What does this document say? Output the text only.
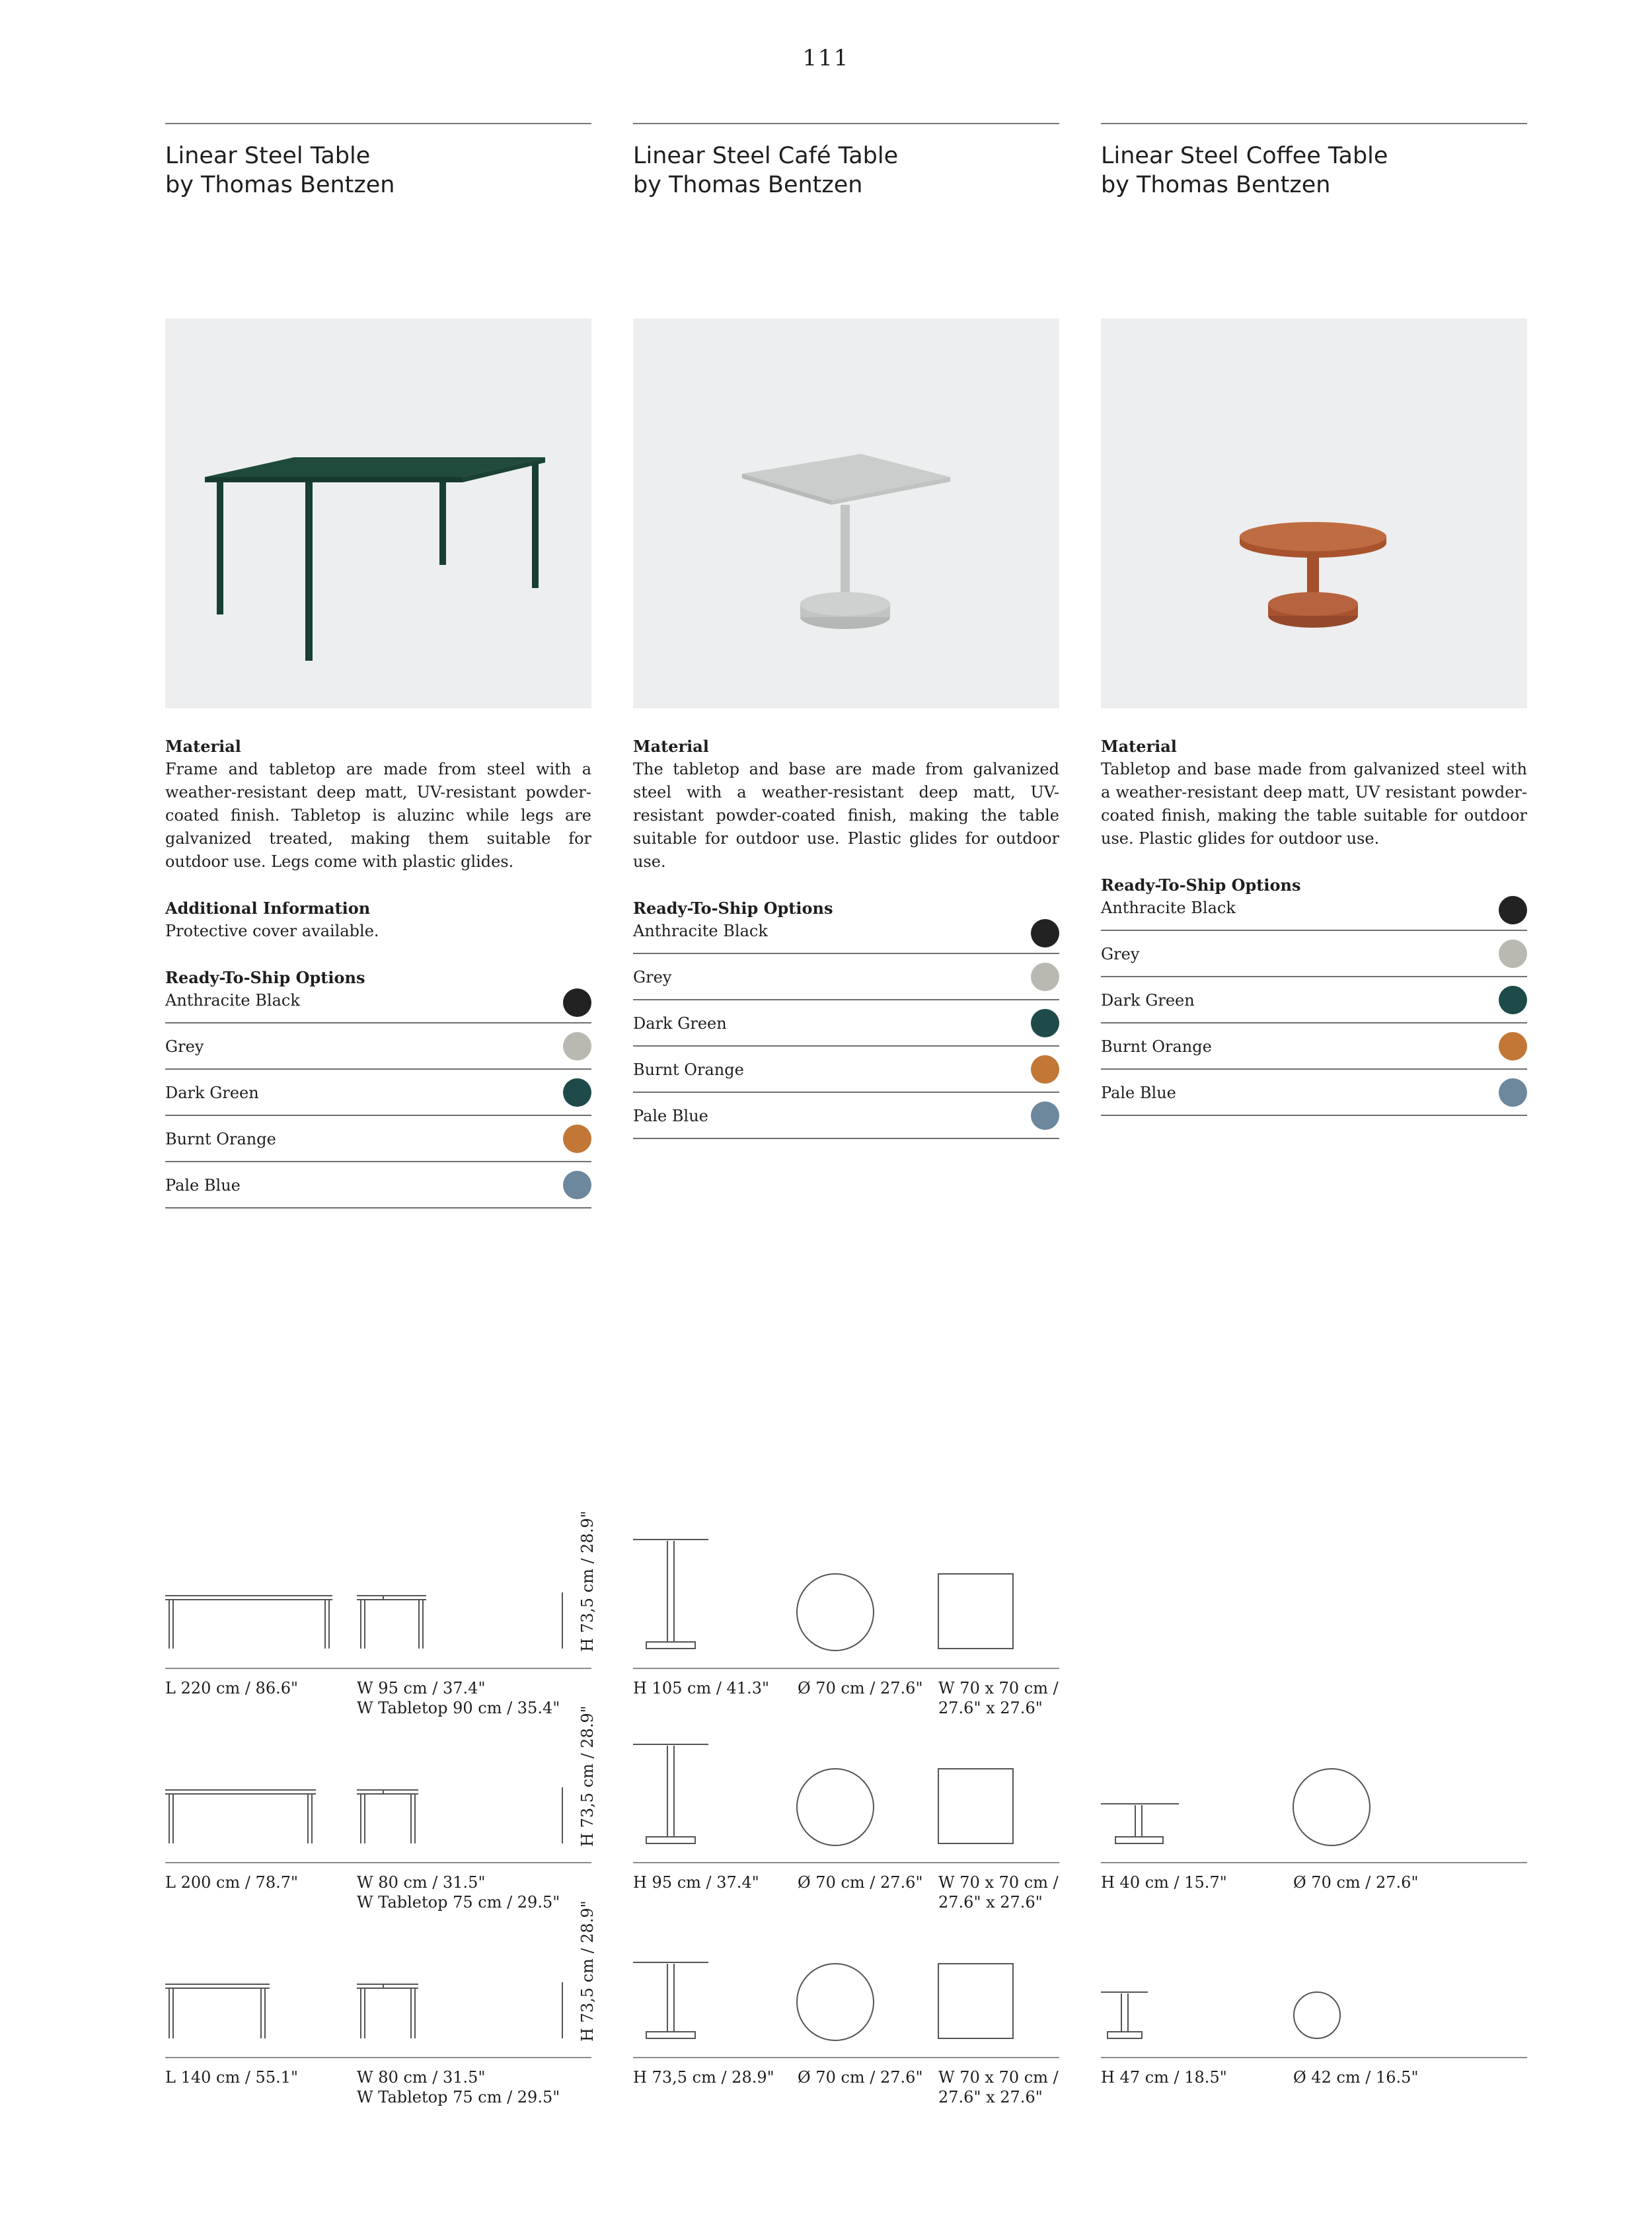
111
Linear Steel Table
by Thomas Bentzen
Linear Steel Café Table
by Thomas Bentzen
Linear Steel Coffee Table
by Thomas Bentzen
Material
Frame and tabletop are made from steel with a weather-resistant deep matt, UV-resistant powder-coated finish. Tabletop is aluzinc while legs are galvanized treated, making them suitable for outdoor use. Legs come with plastic glides.
Additional Information
Protective cover available.
Ready-To-Ship Options
Anthracite Black
Grey
Dark Green
Burnt Orange
Pale Blue
Material
The tabletop and base are made from galvanized steel with a weather-resistant deep matt, UV-resistant powder-coated finish, making the table suitable for outdoor use. Plastic glides for outdoor use.
Ready-To-Ship Options
Anthracite Black
Grey
Dark Green
Burnt Orange
Pale Blue
Material
Tabletop and base made from galvanized steel with a weather-resistant deep matt, UV resistant powder-coated finish, making the table suitable for outdoor use. Plastic glides for outdoor use.
Ready-To-Ship Options
Anthracite Black
Grey
Dark Green
Burnt Orange
Pale Blue
H 73,5 cm / 28.9"
H 73,5 cm / 28.9"
H 73,5 cm / 28.9"
L 220 cm / 86.6"	W 95 cm / 37.4"
W Tabletop 90 cm / 35.4"
L 200 cm / 78.7"	W 80 cm / 31.5"
W Tabletop 75 cm / 29.5"
L 140 cm / 55.1"	W 80 cm / 31.5"
W Tabletop 75 cm / 29.5"
H 105 cm / 41.3" Ø 70 cm / 27.6" W 70 x 70 cm /
27.6" x 27.6"
H 95 cm / 37.4" Ø 70 cm / 27.6" W 70 x 70 cm /
27.6" x 27.6"
H 73,5 cm / 28.9" Ø 70 cm / 27.6" W 70 x 70 cm /
27.6" x 27.6"
H 40 cm / 15.7"	Ø 70 cm / 27.6"
H 47 cm / 18.5"	Ø 42 cm / 16.5"
